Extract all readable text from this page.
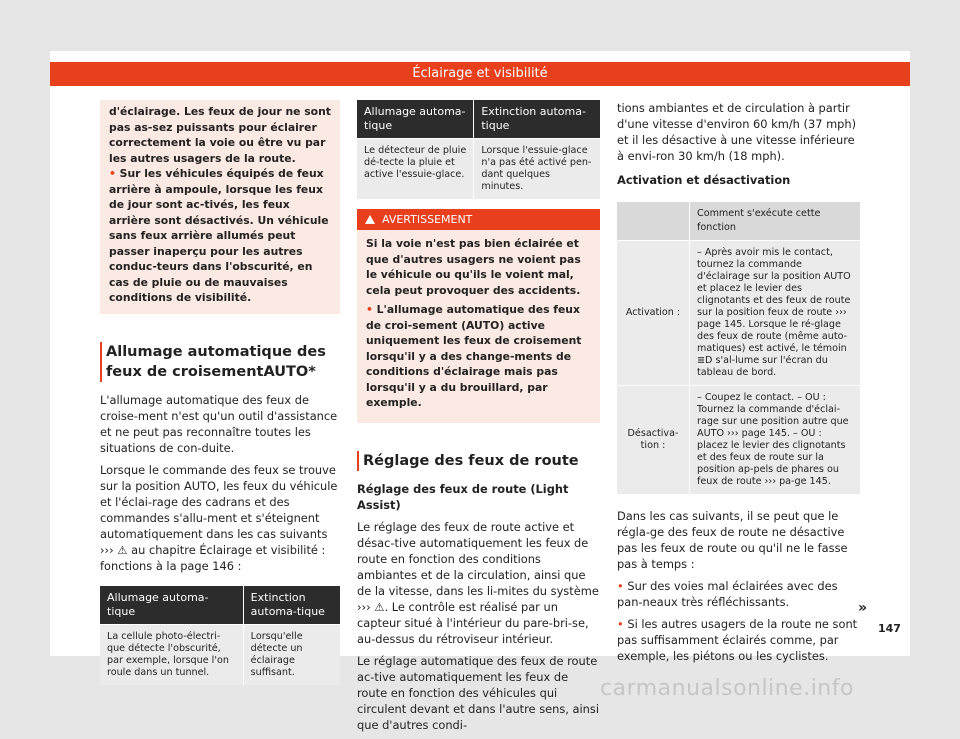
Éclairage et visibilité

d'éclairage. Les feux de jour ne sont pas as-sez puissants pour éclairer correctement la voie ou être vu par les autres usagers de la route.

• Sur les véhicules équipés de feux arrière à ampoule, lorsque les feux de jour sont ac-tivés, les feux arrière sont désactivés. Un véhicule sans feux arrière allumés peut passer inaperçu pour les autres conduc-teurs dans l'obscurité, en cas de pluie ou de mauvaises conditions de visibilité.

Allumage automatique des feux de croisementAUTO*

L'allumage automatique des feux de croise-ment n'est qu'un outil d'assistance et ne peut pas reconnaître toutes les situations de con-duite.

Lorsque le commande des feux se trouve sur la position AUTO, les feux du véhicule et l'éclai-rage des cadrans et des commandes s'allu-ment et s'éteignent automatiquement dans les cas suivants ››› ⚠ au chapitre Éclairage et visibilité : fonctions à la page 146 :

Allumage automa-tique	Extinction automa-tique
La cellule photo-électri-que détecte l'obscurité, par exemple, lorsque l'on roule dans un tunnel.	Lorsqu'elle détecte un éclairage suffisant.
Allumage automa-tique	Extinction automa-tique
Le détecteur de pluie dé-tecte la pluie et active l'essuie-glace.	Lorsque l'essuie-glace n'a pas été activé pen-dant quelques minutes.
AVERTISSEMENT

Si la voie n'est pas bien éclairée et que d'autres usagers ne voient pas le véhicule ou qu'ils le voient mal, cela peut provoquer des accidents.

• L'allumage automatique des feux de croi-sement (AUTO) active uniquement les feux de croisement lorsqu'il y a des change-ments de conditions d'éclairage mais pas lorsqu'il y a du brouillard, par exemple.

Réglage des feux de route

Réglage des feux de route (Light Assist)

Le réglage des feux de route active et désac-tive automatiquement les feux de route en fonction des conditions ambiantes et de la circulation, ainsi que de la vitesse, dans les li-mites du système ››› ⚠. Le contrôle est réalisé par un capteur situé à l'intérieur du pare-bri-se, au-dessus du rétroviseur intérieur.

Le réglage automatique des feux de route ac-tive automatiquement les feux de route en fonction des véhicules qui circulent devant et dans l'autre sens, ainsi que d'autres condi-

tions ambiantes et de circulation à partir d'une vitesse d'environ 60 km/h (37 mph) et il les désactive à une vitesse inférieure à envi-ron 30 km/h (18 mph).

Activation et désactivation

	Comment s'exécute cette fonction
Activation :	– Après avoir mis le contact, tournez la commande d'éclairage sur la position AUTO et placez le levier des clignotants et des feux de route sur la position feux de route ››› page 145. Lorsque le ré-glage des feux de route (même auto-matiques) est activé, le témoin ≣D s'al-lume sur l'écran du tableau de bord.
Désactiva-tion :	– Coupez le contact. – OU : Tournez la commande d'éclai-rage sur une position autre que AUTO ››› page 145. – OU : placez le levier des clignotants et des feux de route sur la position ap-pels de phares ou feux de route ››› pa-ge 145.

Dans les cas suivants, il se peut que le régla-ge des feux de route ne désactive pas les feux de route ou qu'il ne le fasse pas à temps :

• Sur des voies mal éclairées avec des pan-neaux très réfléchissants.

• Si les autres usagers de la route ne sont pas suffisamment éclairés comme, par exemple, les piétons ou les cyclistes.

»
147
carmanualsonline.info
